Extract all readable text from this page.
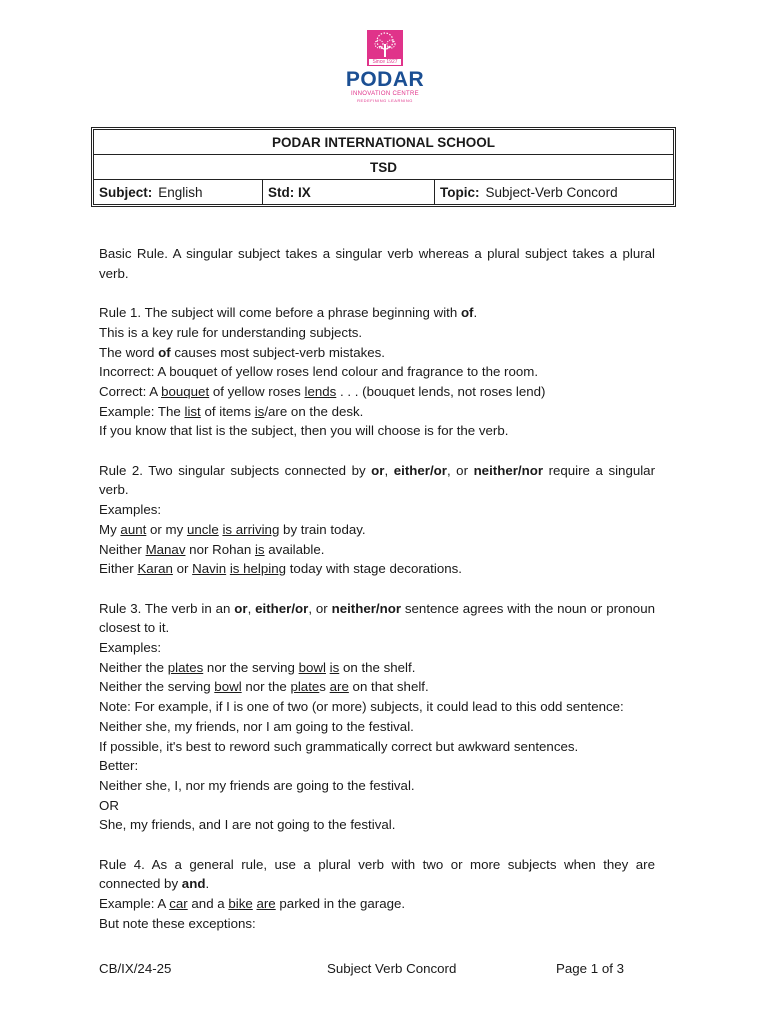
Since 1927
PODAR
INNOVATION CENTRE
REDEFINING LEARNING
PODAR INTERNATIONAL SCHOOL
TSD
Subject: English	Std: IX	Topic: Subject-Verb Concord

Basic Rule. A singular subject takes a singular verb whereas a plural subject takes a plural verb.

Rule 1. The subject will come before a phrase beginning with of.

This is a key rule for understanding subjects.

The word of causes most subject-verb mistakes.

Incorrect: A bouquet of yellow roses lend colour and fragrance to the room.

Correct: A bouquet of yellow roses lends . . . (bouquet lends, not roses lend)

Example: The list of items is/are on the desk.

If you know that list is the subject, then you will choose is for the verb.

Rule 2. Two singular subjects connected by or, either/or, or neither/nor require a singular verb.

Examples:

My aunt or my uncle is arriving by train today.

Neither Manav nor Rohan is available.

Either Karan or Navin is helping today with stage decorations.

Rule 3. The verb in an or, either/or, or neither/nor sentence agrees with the noun or pronoun closest to it.

Examples:

Neither the plates nor the serving bowl is on the shelf.

Neither the serving bowl nor the plates are on that shelf.

Note: For example, if I is one of two (or more) subjects, it could lead to this odd sentence:

Neither she, my friends, nor I am going to the festival.

If possible, it's best to reword such grammatically correct but awkward sentences.

Better:

Neither she, I, nor my friends are going to the festival.

OR

She, my friends, and I are not going to the festival.

Rule 4. As a general rule, use a plural verb with two or more subjects when they are connected by and.

Example: A car and a bike are parked in the garage.

But note these exceptions:

CB/IX/24-25	Subject Verb Concord	Page 1 of 3
